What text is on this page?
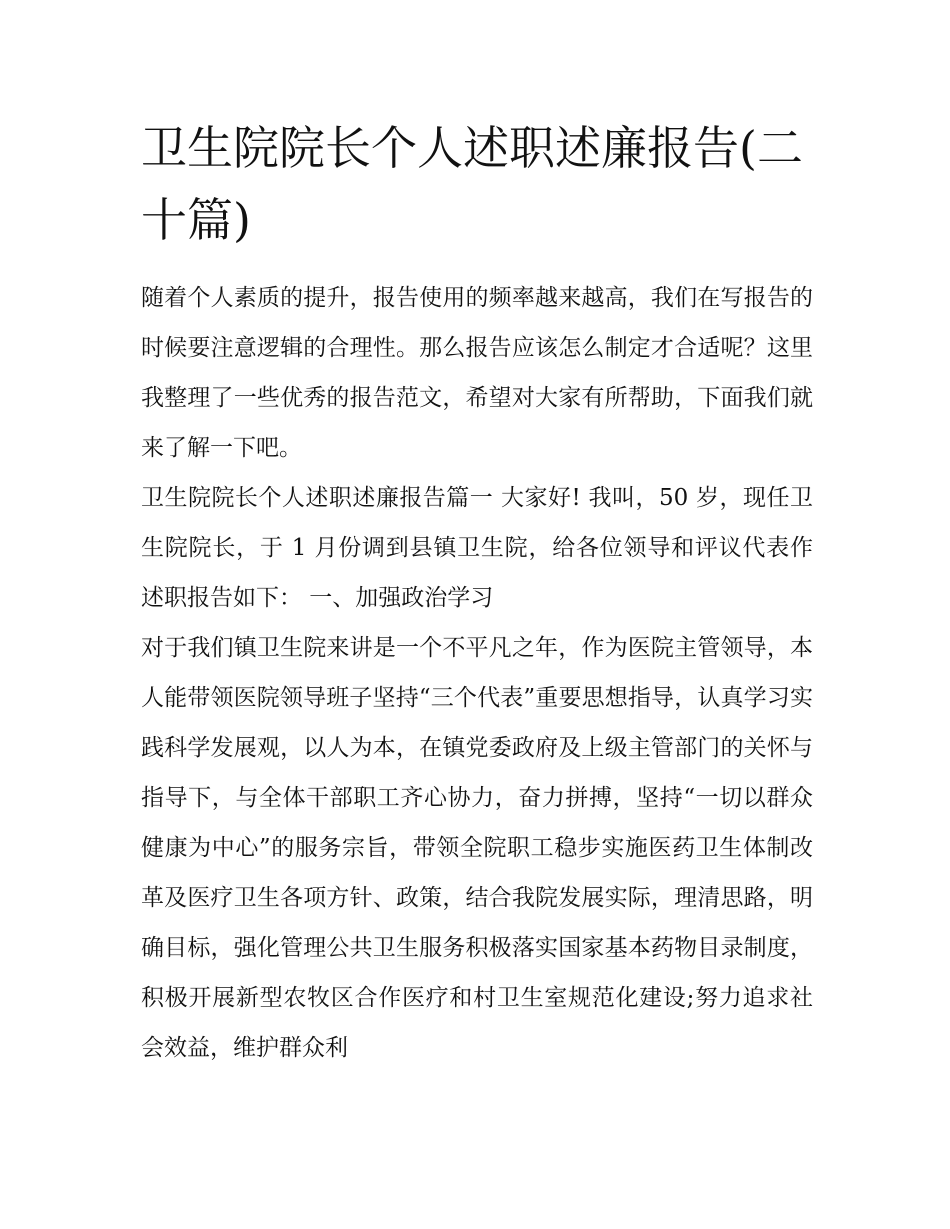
卫生院院长个人述职述廉报告(二十篇)

随着个人素质的提升，报告使用的频率越来越高，我们在写报告的时候要注意逻辑的合理性。那么报告应该怎么制定才合适呢？这里我整理了一些优秀的报告范文，希望对大家有所帮助，下面我们就来了解一下吧。

卫生院院长个人述职述廉报告篇一 大家好! 我叫，50 岁，现任卫生院院长，于 1 月份调到县镇卫生院，给各位领导和评议代表作述职报告如下： 一、加强政治学习

对于我们镇卫生院来讲是一个不平凡之年，作为医院主管领导，本人能带领医院领导班子坚持“三个代表”重要思想指导，认真学习实践科学发展观，以人为本，在镇党委政府及上级主管部门的关怀与指导下，与全体干部职工齐心协力，奋力拼搏，坚持“一切以群众健康为中心”的服务宗旨，带领全院职工稳步实施医药卫生体制改革及医疗卫生各项方针、政策，结合我院发展实际，理清思路，明确目标，强化管理公共卫生服务积极落实国家基本药物目录制度，积极开展新型农牧区合作医疗和村卫生室规范化建设;努力追求社会效益，维护群众利
